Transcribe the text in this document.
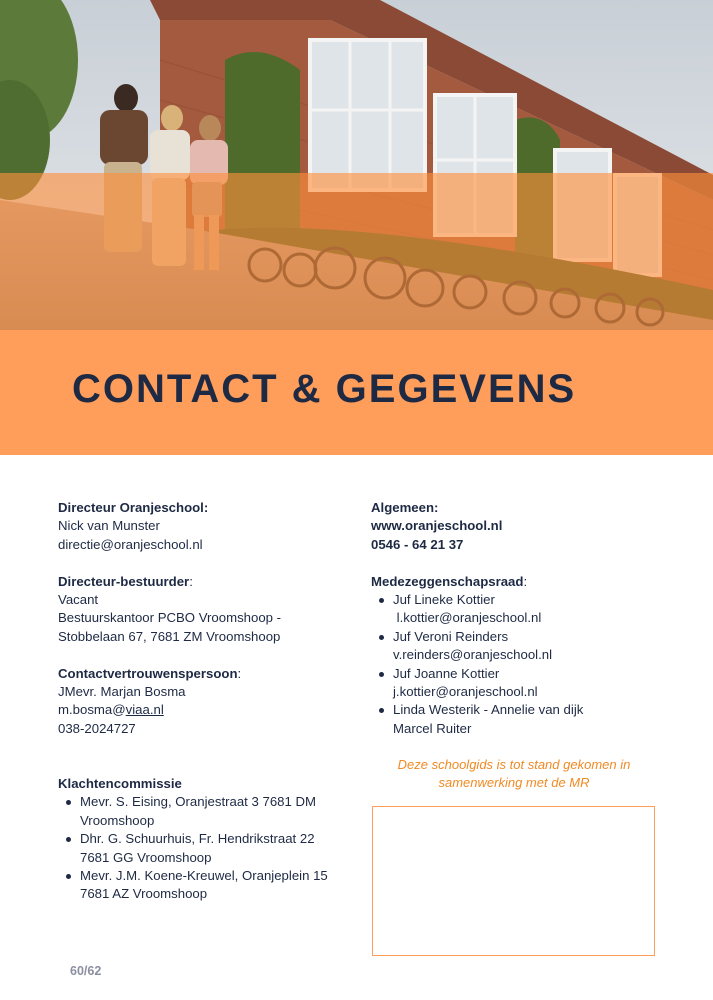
CONTACT & GEGEVENS
Directeur Oranjeschool:
Nick van Munster
directie@oranjeschool.nl
Directeur-bestuurder:
Vacant
Bestuurskantoor PCBO Vroomshoop -
Stobbelaan 67, 7681 ZM Vroomshoop
Contactvertrouwenspersoon:
JMevr. Marjan Bosma
m.bosma@viaa.nl
038-2024727
Klachtencommissie
Mevr. S. Eising, Oranjestraat 3 7681 DM
Vroomshoop
Dhr. G. Schuurhuis, Fr. Hendrikstraat 22
7681 GG Vroomshoop
Mevr. J.M. Koene-Kreuwel, Oranjeplein 15
7681 AZ Vroomshoop
Algemeen:
www.oranjeschool.nl
0546 - 64 21 37
Medezeggenschapsraad:
Juf Lineke Kottier
l.kottier@oranjeschool.nl
Juf Veroni Reinders
v.reinders@oranjeschool.nl
Juf Joanne Kottier
j.kottier@oranjeschool.nl
Linda Westerik - Annelie van dijk
Marcel Ruiter
Deze schoolgids is tot stand gekomen in
samenwerking met de MR
60/62
